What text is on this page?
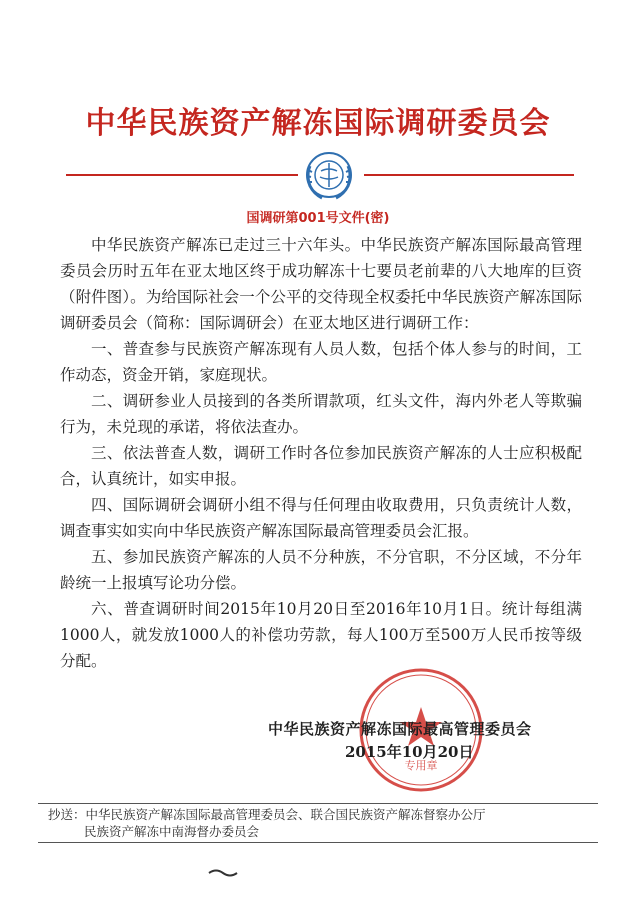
中华民族资产解冻国际调研委员会
国调研第001号文件(密)

中华民族资产解冻已走过三十六年头。中华民族资产解冻国际最高管理委员会历时五年在亚太地区终于成功解冻十七要员老前辈的八大地库的巨资（附件图）。为给国际社会一个公平的交待现全权委托中华民族资产解冻国际调研委员会（简称：国际调研会）在亚太地区进行调研工作：

一、普查参与民族资产解冻现有人员人数，包括个体人参与的时间，工作动态，资金开销，家庭现状。

二、调研参业人员接到的各类所谓款项，红头文件，海内外老人等欺骗行为，未兑现的承诺，将依法查办。

三、依法普查人数，调研工作时各位参加民族资产解冻的人士应积极配合，认真统计，如实申报。

四、国际调研会调研小组不得与任何理由收取费用，只负责统计人数，调查事实如实向中华民族资产解冻国际最高管理委员会汇报。

五、参加民族资产解冻的人员不分种族，不分官职，不分区域，不分年龄统一上报填写论功分偿。

六、普查调研时间2015年10月20日至2016年10月1日。统计每组满1000人，就发放1000人的补偿功劳款，每人100万至500万人民币按等级分配。

专用章
中华民族资产解冻国际最高管理委员会
2015年10月20日
抄送：中华民族资产解冻国际最高管理委员会、联合国民族资产解冻督察办公厅
民族资产解冻中南海督办委员会
